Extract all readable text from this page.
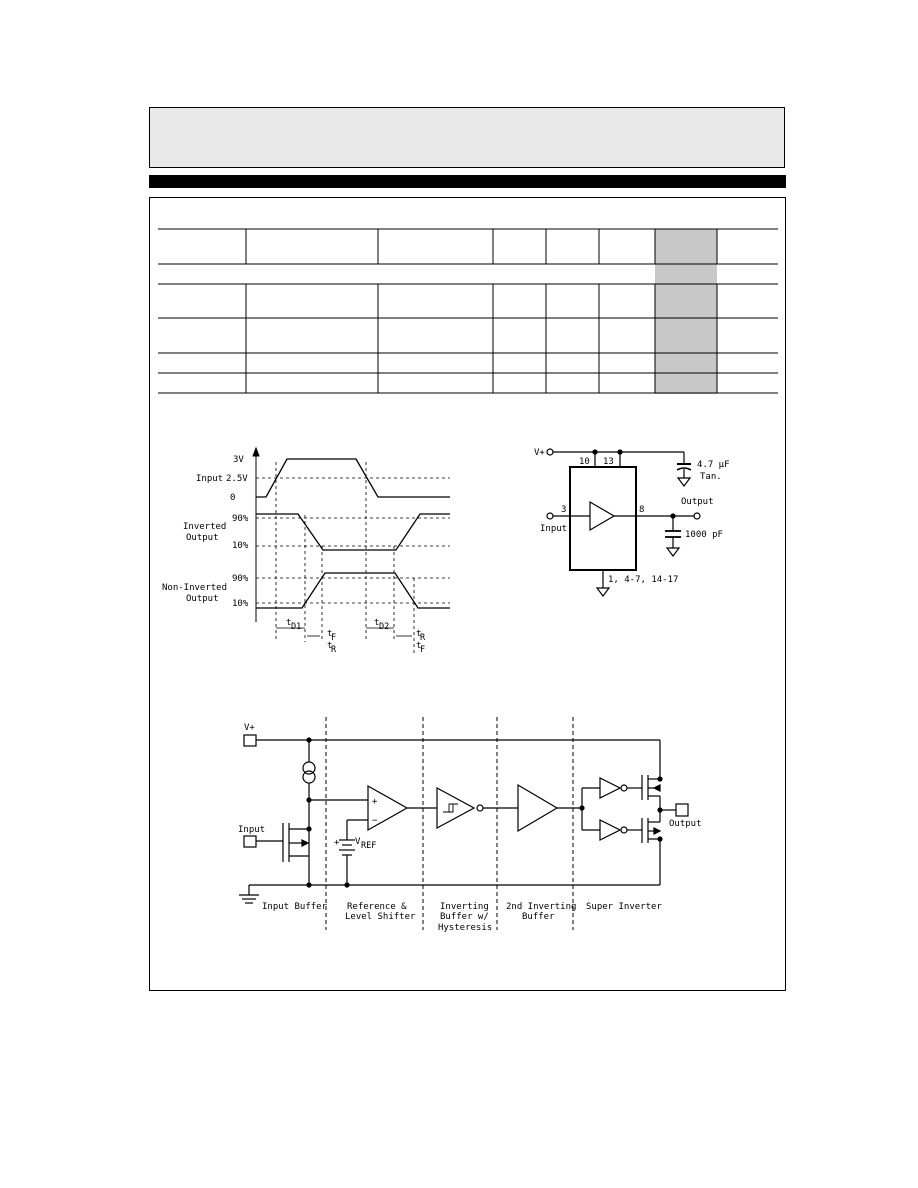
3V
Input 2.5V
0
Inverted
Output
90%
10%
Non-Inverted
Output
90%
10%
t D1	t D2
t
F
t
R
t
R
t
F
V+
10 13	4.7 µF
Tan.
Output
3	8
Input
1000 pF
1, 4-7, 14-17
V+
Input
Output
+
−
+ V REF
Input Buffer Reference &
Level Shifter
Inverting
Buffer w/
Hysteresis
2nd Inverting
Buffer
Super Inverter
